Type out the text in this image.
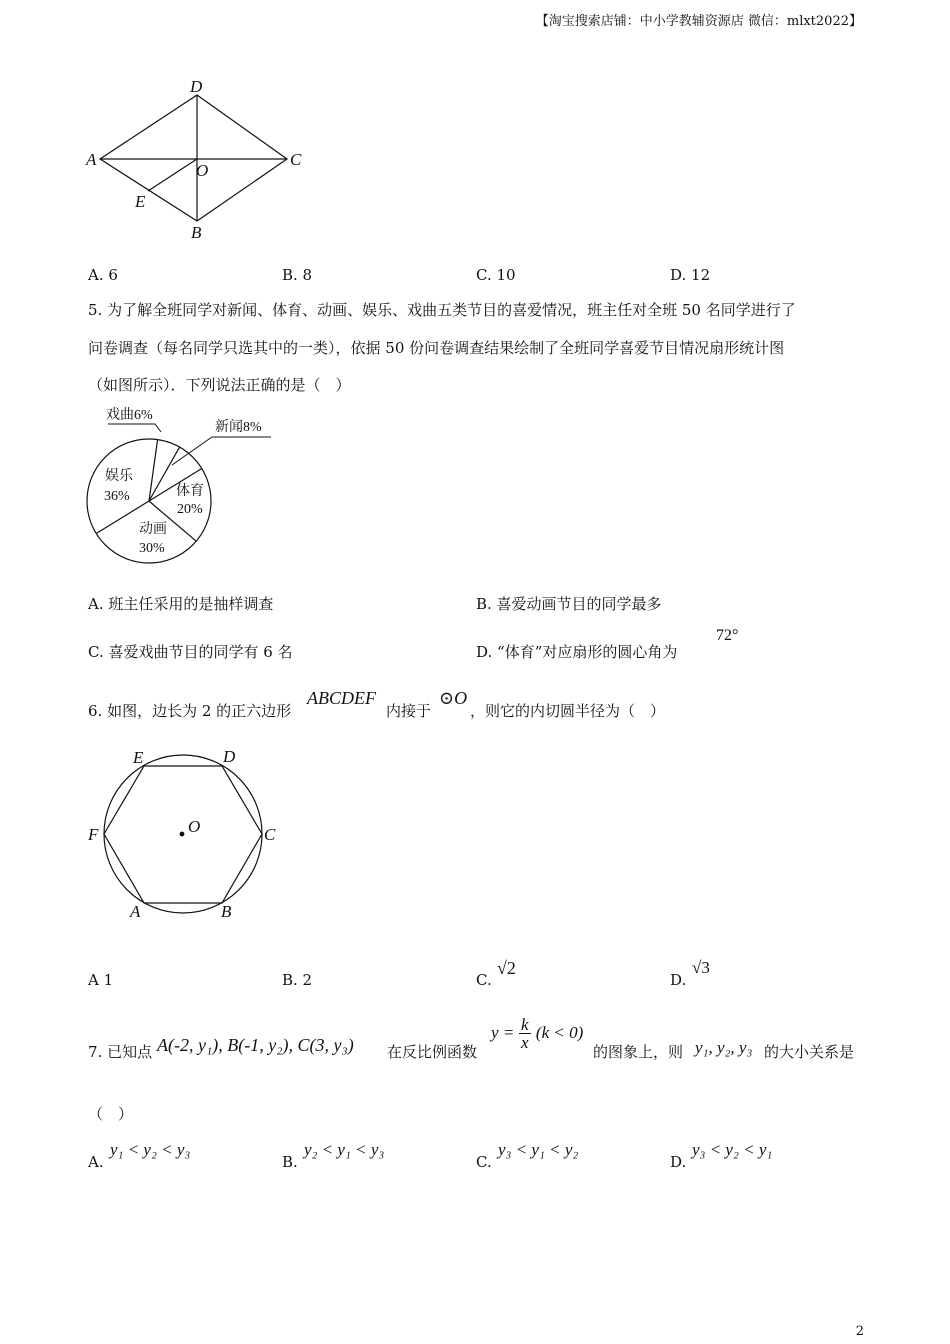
【淘宝搜索店铺：中小学教辅资源店 微信：mlxt2022】
D
A	C
O
E
B
A. 6	B. 8	C. 10	D. 12
5. 为了解全班同学对新闻、体育、动画、娱乐、戏曲五类节目的喜爱情况，班主任对全班 50 名同学进行了
问卷调查（每名同学只选其中的一类），依据 50 份问卷调查结果绘制了全班同学喜爱节目情况扇形统计图
（如图所示）．下列说法正确的是（　）
戏曲6%
新闻8%
体育
20%
动画
30%
娱乐
36%
A. 班主任采用的是抽样调查	B. 喜爱动画节目的同学最多
C. 喜爱戏曲节目的同学有 6 名	D. “体育”对应扇形的圆心角为
72°
6. 如图，边长为 2 的正六边形
ABCDEF
内接于
⊙O
，则它的内切圆半径为（　）
E	D
F	C
O
A	B
A 1	B. 2	C.
√2
D.
√3
7. 已知点 A(-2, y₁), B(-1, y₂), C(3, y₃) 在反比例函数
$y = \frac{k}{x} (k < 0)$
的图象上，则 y₁, y₂, y₃ 的大小关系是
（　）
A.
y₁ < y₂ < y₃
B.
y₂ < y₁ < y₃
C.
y₃ < y₁ < y₂
D.
y₃ < y₂ < y₁
2
